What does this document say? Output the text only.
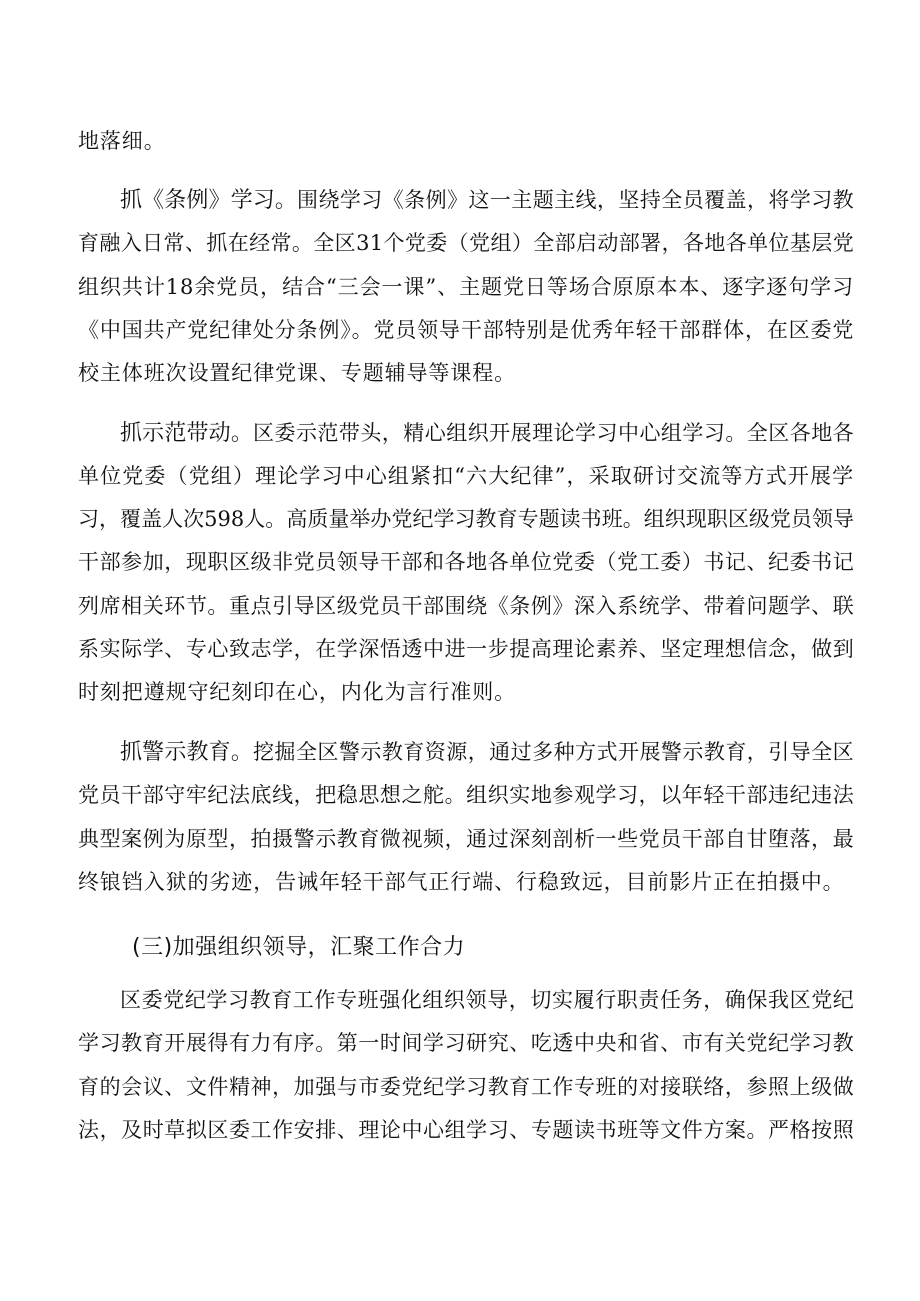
地落细。
抓《条例》学习。围绕学习《条例》这一主题主线，坚持全员覆盖，将学习教
育融入日常、抓在经常。全区31个党委（党组）全部启动部署，各地各单位基层党
组织共计18余党员，结合“三会一课”、主题党日等场合原原本本、逐字逐句学习
《中国共产党纪律处分条例》。党员领导干部特别是优秀年轻干部群体，在区委党
校主体班次设置纪律党课、专题辅导等课程。
抓示范带动。区委示范带头，精心组织开展理论学习中心组学习。全区各地各
单位党委（党组）理论学习中心组紧扣“六大纪律”，采取研讨交流等方式开展学
习，覆盖人次598人。高质量举办党纪学习教育专题读书班。组织现职区级党员领导
干部参加，现职区级非党员领导干部和各地各单位党委（党工委）书记、纪委书记
列席相关环节。重点引导区级党员干部围绕《条例》深入系统学、带着问题学、联
系实际学、专心致志学，在学深悟透中进一步提高理论素养、坚定理想信念，做到
时刻把遵规守纪刻印在心，内化为言行准则。
抓警示教育。挖掘全区警示教育资源，通过多种方式开展警示教育，引导全区
党员干部守牢纪法底线，把稳思想之舵。组织实地参观学习，以年轻干部违纪违法
典型案例为原型，拍摄警示教育微视频，通过深刻剖析一些党员干部自甘堕落，最
终锒铛入狱的劣迹，告诫年轻干部气正行端、行稳致远，目前影片正在拍摄中。
(三)加强组织领导，汇聚工作合力
区委党纪学习教育工作专班强化组织领导，切实履行职责任务，确保我区党纪
学习教育开展得有力有序。第一时间学习研究、吃透中央和省、市有关党纪学习教
育的会议、文件精神，加强与市委党纪学习教育工作专班的对接联络，参照上级做
法，及时草拟区委工作安排、理论中心组学习、专题读书班等文件方案。严格按照
